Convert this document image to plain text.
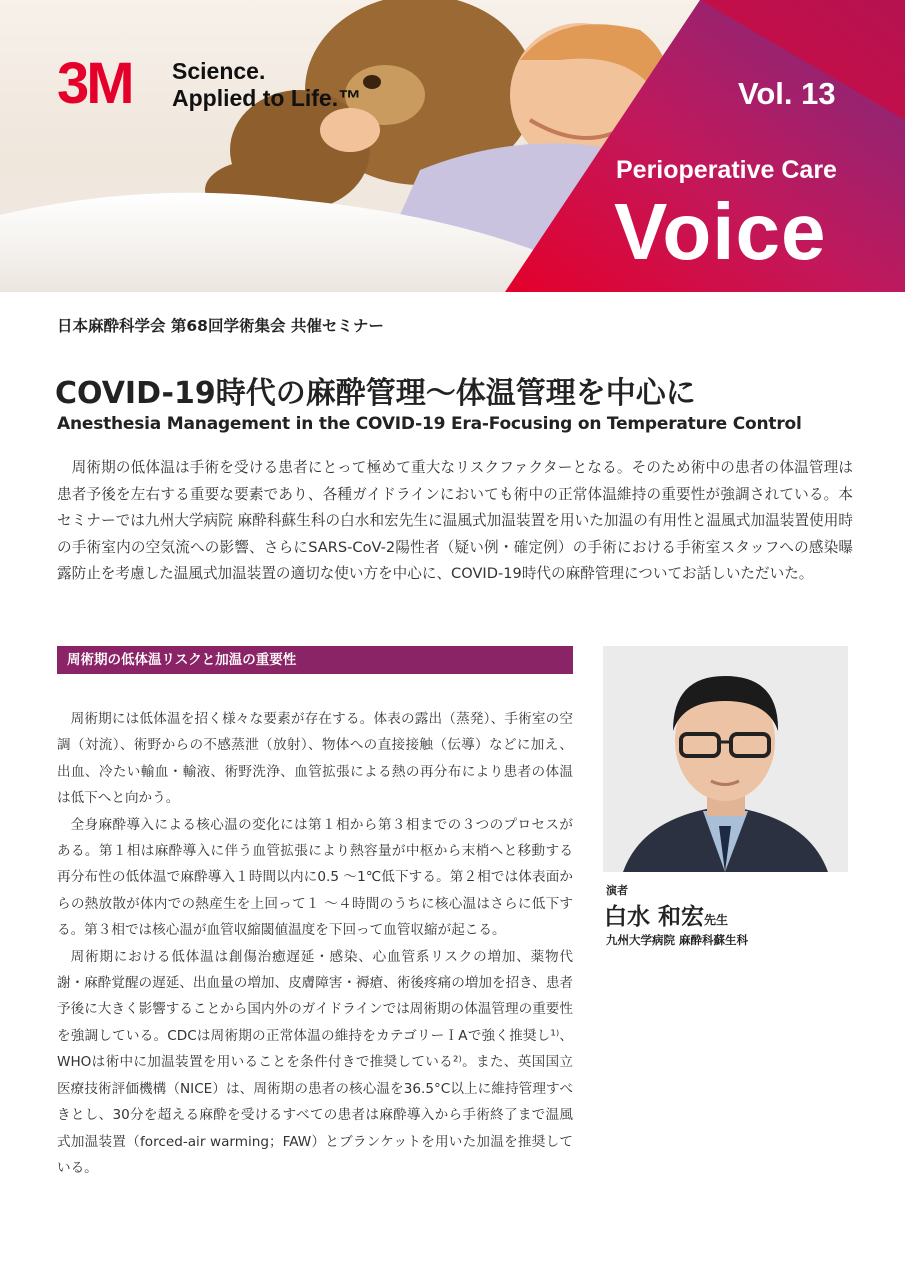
3M Science.
Applied to Life.™	Vol. 13
Perioperative Care
Voice
日本麻酔科学会 第68回学術集会 共催セミナー
COVID-19時代の麻酔管理〜体温管理を中心に
Anesthesia Management in the COVID-19 Era-Focusing on Temperature Control

周術期の低体温は手術を受ける患者にとって極めて重大なリスクファクターとなる。そのため術中の患者の体温管理は患者予後を左右する重要な要素であり、各種ガイドラインにおいても術中の正常体温維持の重要性が強調されている。本セミナーでは九州大学病院 麻酔科蘇生科の白水和宏先生に温風式加温装置を用いた加温の有用性と温風式加温装置使用時の手術室内の空気流への影響、さらにSARS-CoV-2陽性者（疑い例・確定例）の手術における手術室スタッフへの感染曝露防止を考慮した温風式加温装置の適切な使い方を中心に、COVID-19時代の麻酔管理についてお話しいただいた。

周術期の低体温リスクと加温の重要性

周術期には低体温を招く様々な要素が存在する。体表の露出（蒸発）、手術室の空調（対流）、術野からの不感蒸泄（放射）、物体への直接接触（伝導）などに加え、出血、冷たい輸血・輸液、術野洗浄、血管拡張による熱の再分布により患者の体温は低下へと向かう。

全身麻酔導入による核心温の変化には第１相から第３相までの３つのプロセスがある。第１相は麻酔導入に伴う血管拡張により熱容量が中枢から末梢へと移動する再分布性の低体温で麻酔導入１時間以内に0.5 〜1℃低下する。第２相では体表面からの熱放散が体内での熱産生を上回って１ 〜４時間のうちに核心温はさらに低下する。第３相では核心温が血管収縮閾値温度を下回って血管収縮が起こる。

周術期における低体温は創傷治癒遅延・感染、心血管系リスクの増加、薬物代謝・麻酔覚醒の遅延、出血量の増加、皮膚障害・褥瘡、術後疼痛の増加を招き、患者予後に大きく影響することから国内外のガイドラインでは周術期の体温管理の重要性を強調している。CDCは周術期の正常体温の維持をカテゴリーＩAで強く推奨し¹⁾、WHOは術中に加温装置を用いることを条件付きで推奨している²⁾。また、英国国立医療技術評価機構（NICE）は、周術期の患者の核心温を36.5°C以上に維持管理すべきとし、30分を超える麻酔を受けるすべての患者は麻酔導入から手術終了まで温風式加温装置（forced-air warming；FAW）とブランケットを用いた加温を推奨している。

演者
白水 和宏先生
九州大学病院 麻酔科蘇生科
